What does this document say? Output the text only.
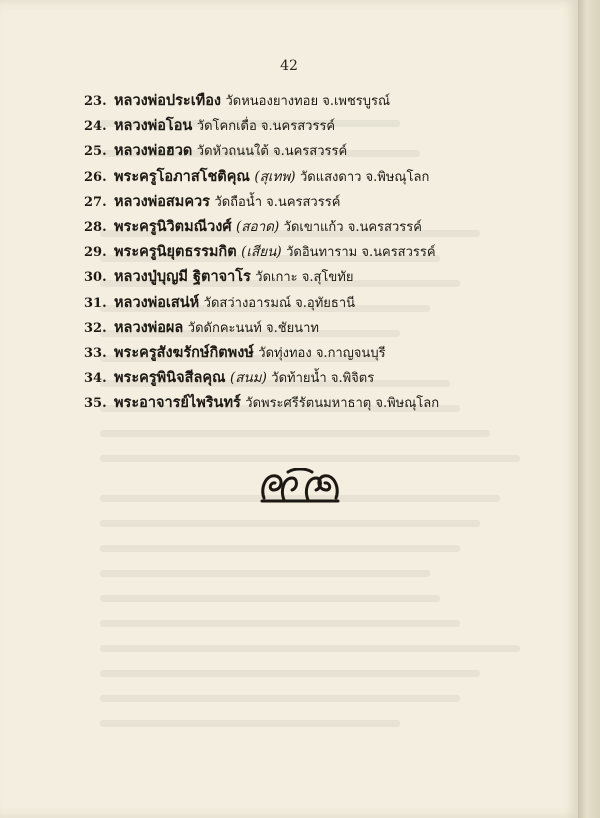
42
23. หลวงพ่อประเทือง วัดหนองยางทอย จ.เพชรบูรณ์
24. หลวงพ่อโอน วัดโคกเดื่อ จ.นครสวรรค์
25. หลวงพ่อฮวด วัดหัวถนนใต้ จ.นครสวรรค์
26. พระครูโอภาสโชติคุณ (สุเทพ) วัดแสงดาว จ.พิษณุโลก
27. หลวงพ่อสมควร วัดถือน้ำ จ.นครสวรรค์
28. พระครูนิวิตมณีวงศ์ (สอาด) วัดเขาแก้ว จ.นครสวรรค์
29. พระครูนิยุตธรรมกิต (เสียน) วัดอินทาราม จ.นครสวรรค์
30. หลวงปู่บุญมี ฐิตาจาโร วัดเกาะ จ.สุโขทัย
31. หลวงพ่อเสน่ห์ วัดสว่างอารมณ์ จ.อุทัยธานี
32. หลวงพ่อผล วัดดักคะนนท์ จ.ชัยนาท
33. พระครูสังฆรักษ์กิตพงษ์ วัดทุ่งทอง จ.กาญจนบุรี
34. พระครูพินิจสีลคุณ (สนม) วัดท้ายน้ำ จ.พิจิตร
35. พระอาจารย์ไพรินทร์ วัดพระศรีรัตนมหาธาตุ จ.พิษณุโลก
